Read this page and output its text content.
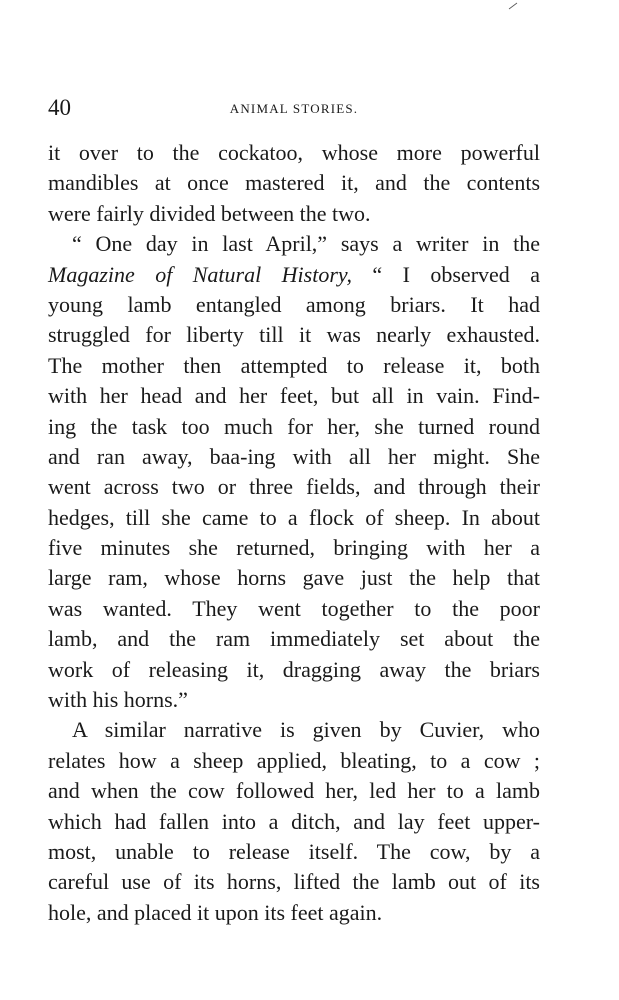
40	ANIMAL STORIES.
it over to the cockatoo, whose more powerful
mandibles at once mastered it, and the contents
were fairly divided between the two.
“ One day in last April,” says a writer in the
Magazine of Natural History, “ I observed a
young lamb entangled among briars. It had
struggled for liberty till it was nearly exhausted.
The mother then attempted to release it, both
with her head and her feet, but all in vain. Find-
ing the task too much for her, she turned round
and ran away, baa-ing with all her might. She
went across two or three fields, and through their
hedges, till she came to a flock of sheep. In about
five minutes she returned, bringing with her a
large ram, whose horns gave just the help that
was wanted. They went together to the poor
lamb, and the ram immediately set about the
work of releasing it, dragging away the briars
with his horns.”
A similar narrative is given by Cuvier, who
relates how a sheep applied, bleating, to a cow ;
and when the cow followed her, led her to a lamb
which had fallen into a ditch, and lay feet upper-
most, unable to release itself. The cow, by a
careful use of its horns, lifted the lamb out of its
hole, and placed it upon its feet again.
